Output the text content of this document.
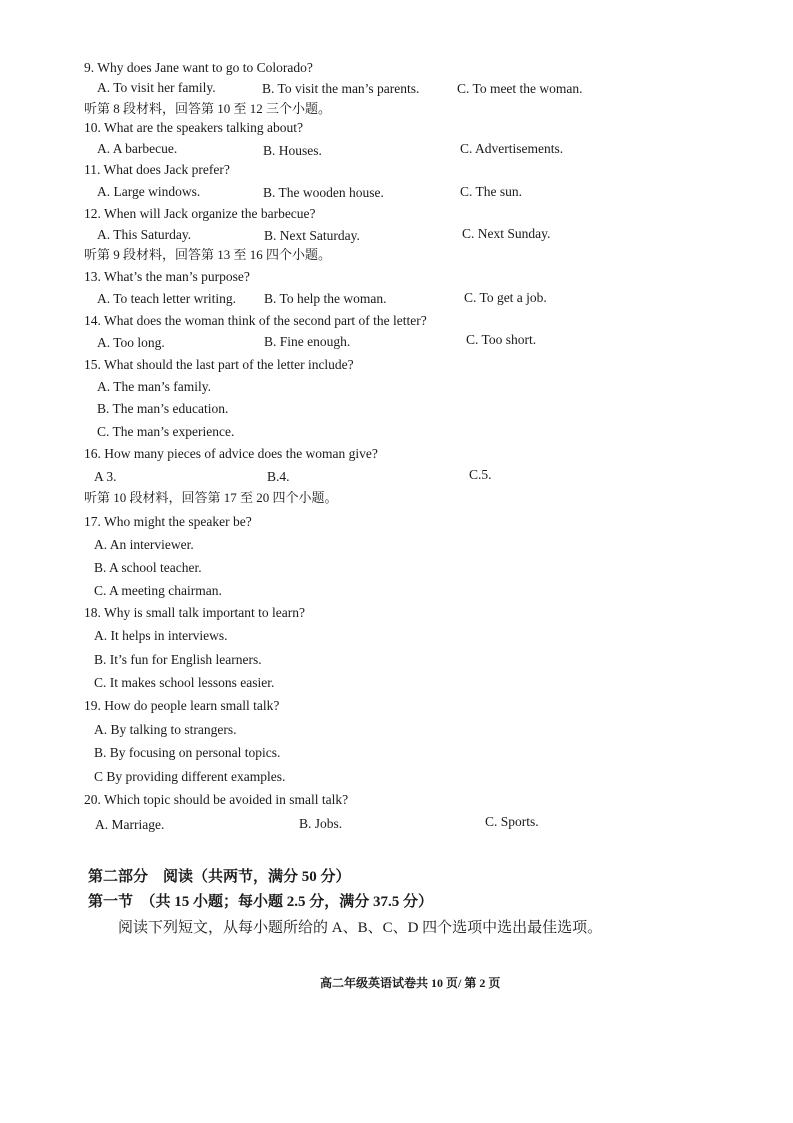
9. Why does Jane want to go to Colorado?
A. To visit her family.	B. To visit the man’s parents.	C. To meet the woman.
听第 8 段材料，回答第 10 至 12 三个小题。
10. What are the speakers talking about?
A. A barbecue.	B. Houses.	C. Advertisements.
11. What does Jack prefer?
A. Large windows.	B. The wooden house.	C. The sun.
12. When will Jack organize the barbecue?
A. This Saturday.	B. Next Saturday.	C. Next Sunday.
听第 9 段材料，回答第 13 至 16 四个小题。
13. What’s the man’s purpose?
A. To teach letter writing. B. To help the woman.	C. To get a job.
14. What does the woman think of the second part of the letter?
A. Too long.	B. Fine enough.	C. Too short.
15. What should the last part of the letter include?
A. The man’s family.
B. The man’s education.
C. The man’s experience.
16. How many pieces of advice does the woman give?
A 3.	B.4.	C.5.
听第 10 段材料，回答第 17 至 20 四个小题。
17. Who might the speaker be?
A. An interviewer.
B. A school teacher.
C. A meeting chairman.
18. Why is small talk important to learn?
A. It helps in interviews.
B. It’s fun for English learners.
C. It makes school lessons easier.
19. How do people learn small talk?
A. By talking to strangers.
B. By focusing on personal topics.
C By providing different examples.
20. Which topic should be avoided in small talk?
A. Marriage.	B. Jobs.	C. Sports.
第二部分　阅读（共两节，满分 50 分）
第一节　（共 15 小题；每小题 2.5 分，满分 37.5 分）
阅读下列短文，从每小题所给的 A、B、C、D 四个选项中选出最佳选项。
高二年级英语试卷共 10 页/ 第 2 页
